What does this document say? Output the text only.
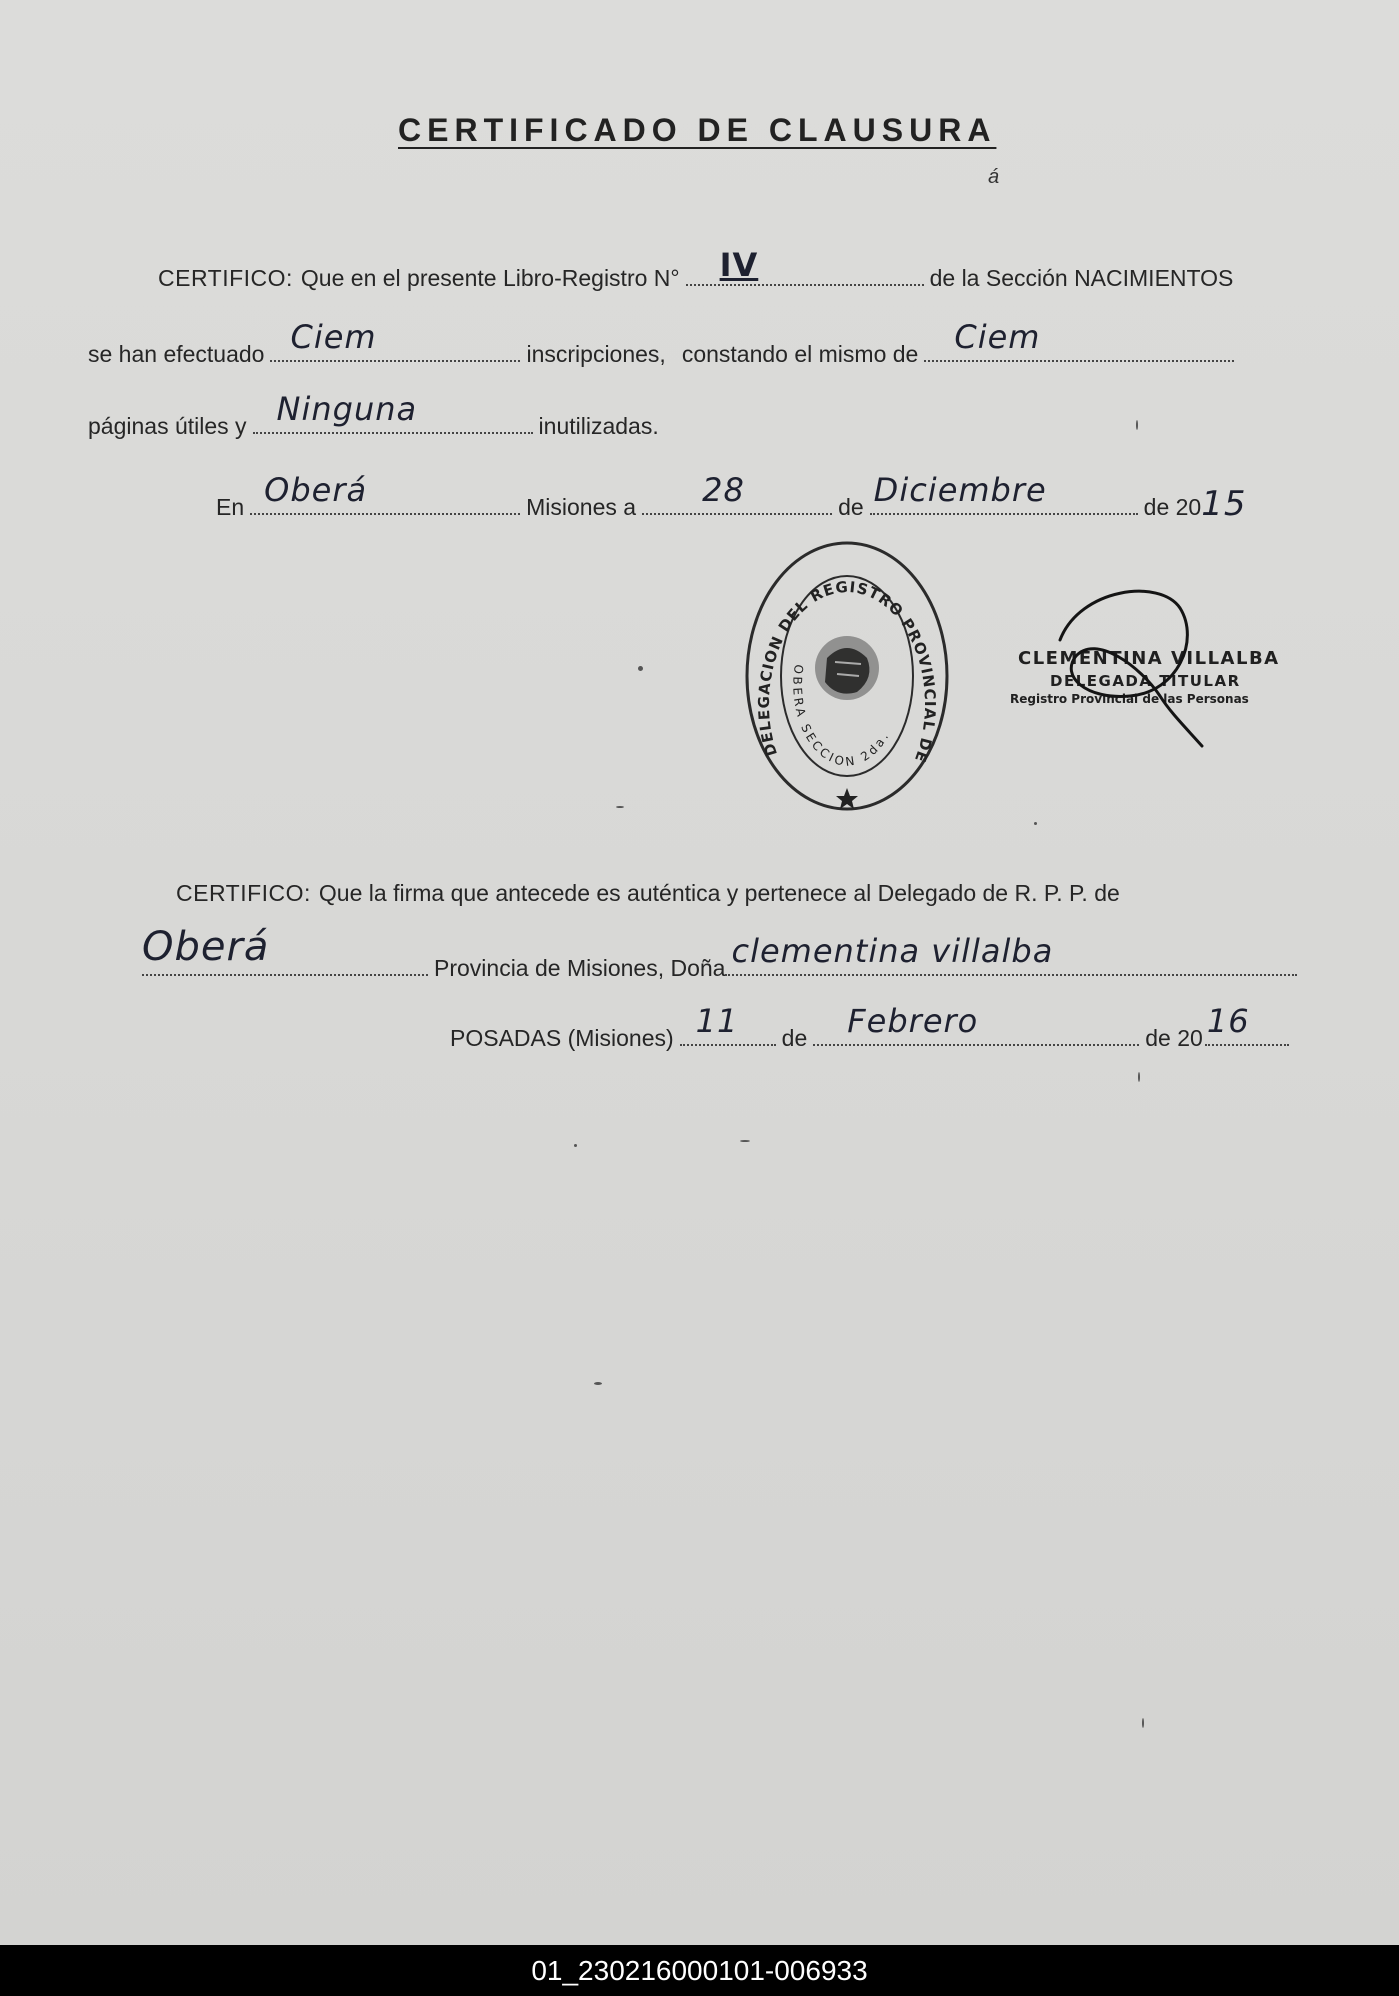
CERTIFICADO DE CLAUSURA
á
CERTIFICO: Que en el presente Libro-Registro N° IV	de la Sección NACIMIENTOS
se han efectuado Ciem	inscripciones, constando el mismo de Ciem
páginas útiles y Ninguna	inutilizadas.
En Oberá	Misiones a 28	de Diciembre	de 20 15
DELEGACION DEL REGISTRO PROVINCIAL DE
OBERA SECCION 2da.
CLEMENTINA VILLALBA
DELEGADA TITULAR
Registro Provincial de las Personas
CERTIFICO: Que la firma que antecede es auténtica y pertenece al Delegado de R. P. P. de
Oberá	Provincia de Misiones, Doña clementina villalba
POSADAS (Misiones) 11 de Febrero	de 20 16
01_230216000101-006933
